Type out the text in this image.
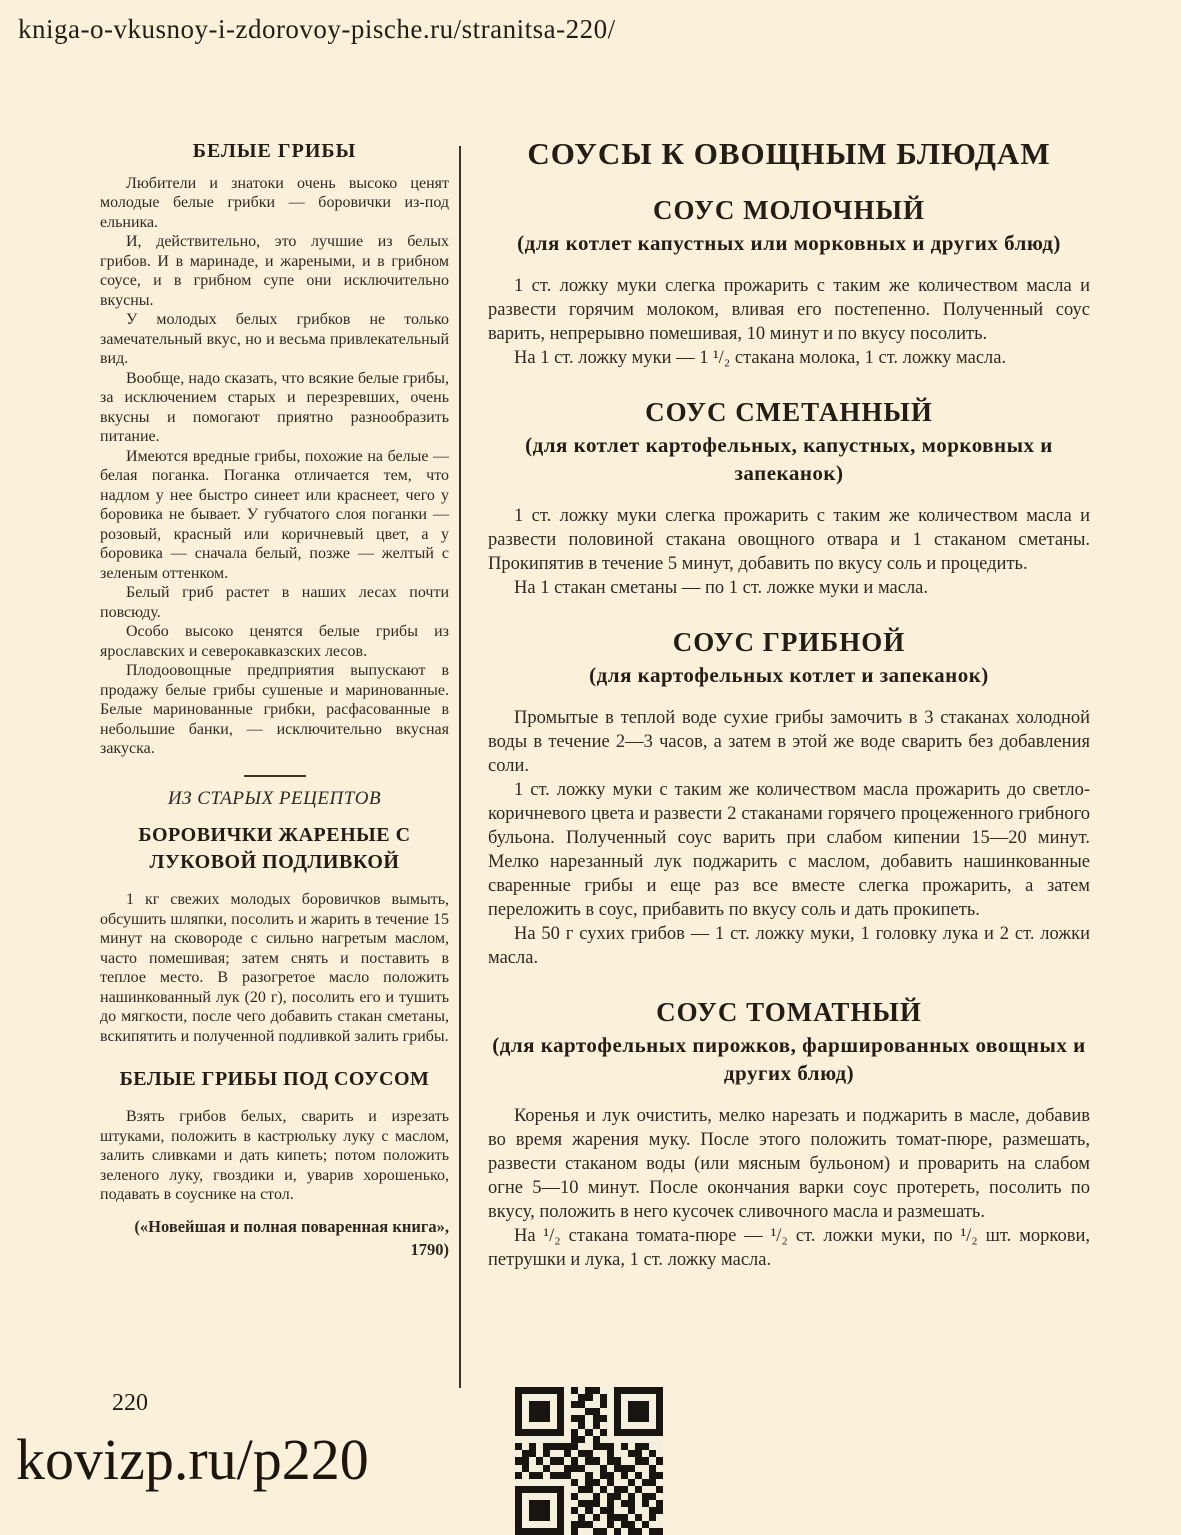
kniga-o-vkusnoy-i-zdorovoy-pische.ru/stranitsa-220/
БЕЛЫЕ ГРИБЫ

Любители и знатоки очень высоко ценят молодые белые грибки — боровички из-под ельника.

И, действительно, это лучшие из белых грибов. И в маринаде, и жареными, и в грибном соусе, и в грибном супе они исключительно вкусны.

У молодых белых грибков не только замечательный вкус, но и весьма привлекательный вид.

Вообще, надо сказать, что всякие белые грибы, за исключением старых и перезревших, очень вкусны и помогают приятно разнообразить питание.

Имеются вредные грибы, похожие на белые — белая поганка. Поганка отличается тем, что надлом у нее быстро синеет или краснеет, чего у боровика не бывает. У губчатого слоя поганки — розовый, красный или коричневый цвет, а у боровика — сначала белый, позже — желтый с зеленым оттенком.

Белый гриб растет в наших лесах почти повсюду.

Особо высоко ценятся белые грибы из ярославских и северокавказских лесов.

Плодоовощные предприятия выпускают в продажу белые грибы сушеные и маринованные. Белые маринованные грибки, расфасованные в небольшие банки, — исключительно вкусная закуска.

ИЗ СТАРЫХ РЕЦЕПТОВ
БОРОВИЧКИ ЖАРЕНЫЕ С ЛУКОВОЙ ПОДЛИВКОЙ

1 кг свежих молодых боровичков вымыть, обсушить шляпки, посолить и жарить в течение 15 минут на сковороде с сильно нагретым маслом, часто помешивая; затем снять и поставить в теплое место. В разогретое масло положить нашинкованный лук (20 г), посолить его и тушить до мягкости, после чего добавить стакан сметаны, вскипятить и полученной подливкой залить грибы.

БЕЛЫЕ ГРИБЫ ПОД СОУСОМ

Взять грибов белых, сварить и изрезать штуками, положить в кастрюльку луку с маслом, залить сливками и дать кипеть; потом положить зеленого луку, гвоздики и, уварив хорошенько, подавать в соуснике на стол.

(«Новейшая и полная поваренная книга», 1790)
СОУСЫ К ОВОЩНЫМ БЛЮДАМ
СОУС МОЛОЧНЫЙ
(для котлет капустных или морковных и других блюд)

1 ст. ложку муки слегка прожарить с таким же количеством масла и развести горячим молоком, вливая его постепенно. Полученный соус варить, непрерывно помешивая, 10 минут и по вкусу посолить.

На 1 ст. ложку муки — 1 ¹/₂ стакана молока, 1 ст. ложку масла.

СОУС СМЕТАННЫЙ
(для котлет картофельных, капустных, морковных и запеканок)

1 ст. ложку муки слегка прожарить с таким же количеством масла и развести половиной стакана овощного отвара и 1 стаканом сметаны. Прокипятив в течение 5 минут, добавить по вкусу соль и процедить.

На 1 стакан сметаны — по 1 ст. ложке муки и масла.

СОУС ГРИБНОЙ
(для картофельных котлет и запеканок)

Промытые в теплой воде сухие грибы замочить в 3 стаканах холодной воды в течение 2—3 часов, а затем в этой же воде сварить без добавления соли.

1 ст. ложку муки с таким же количеством масла прожарить до светло-коричневого цвета и развести 2 стаканами горячего процеженного грибного бульона. Полученный соус варить при слабом кипении 15—20 минут. Мелко нарезанный лук поджарить с маслом, добавить нашинкованные сваренные грибы и еще раз все вместе слегка прожарить, а затем переложить в соус, прибавить по вкусу соль и дать прокипеть.

На 50 г сухих грибов — 1 ст. ложку муки, 1 головку лука и 2 ст. ложки масла.

СОУС ТОМАТНЫЙ
(для картофельных пирожков, фаршированных овощных и других блюд)

Коренья и лук очистить, мелко нарезать и поджарить в масле, добавив во время жарения муку. После этого положить томат-пюре, размешать, развести стаканом воды (или мясным бульоном) и проварить на слабом огне 5—10 минут. После окончания варки соус протереть, посолить по вкусу, положить в него кусочек сливочного масла и размешать.

На ¹/₂ стакана томата-пюре — ¹/₂ ст. ложки муки, по ¹/₂ шт. моркови, петрушки и лука, 1 ст. ложку масла.

220
kovizp.ru/p220
